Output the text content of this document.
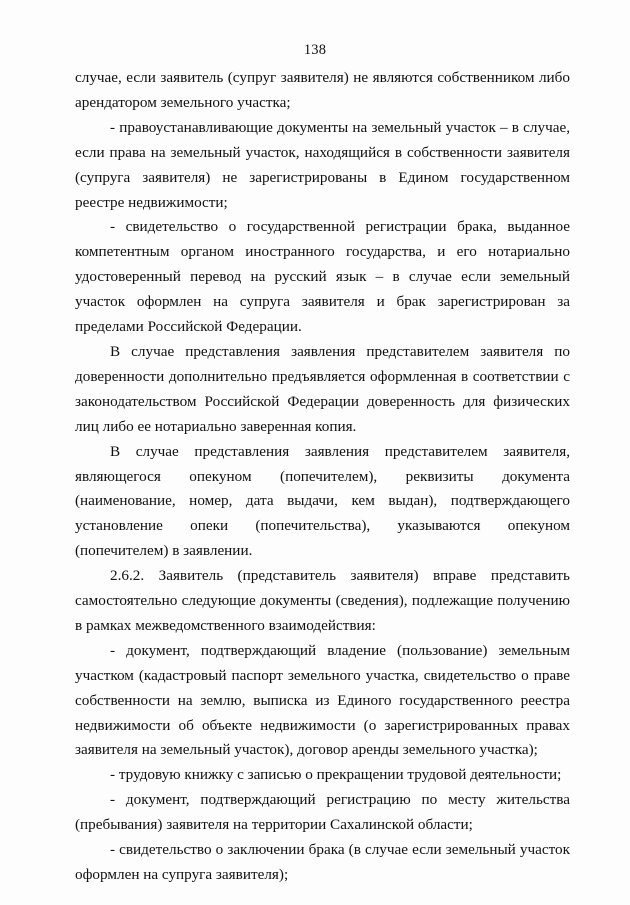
138

случае, если заявитель (супруг заявителя) не являются собственником либо арендатором земельного участка;

- правоустанавливающие документы на земельный участок – в случае, если права на земельный участок, находящийся в собственности заявителя (супруга заявителя) не зарегистрированы в Едином государственном реестре недвижимости;

- свидетельство о государственной регистрации брака, выданное компетентным органом иностранного государства, и его нотариально удостоверенный перевод на русский язык – в случае если земельный участок оформлен на супруга заявителя и брак зарегистрирован за пределами Российской Федерации.

В случае представления заявления представителем заявителя по доверенности дополнительно предъявляется оформленная в соответствии с законодательством Российской Федерации доверенность для физических лиц либо ее нотариально заверенная копия.

В случае представления заявления представителем заявителя, являющегося опекуном (попечителем), реквизиты документа (наименование, номер, дата выдачи, кем выдан), подтверждающего установление опеки (попечительства), указываются опекуном (попечителем) в заявлении.

2.6.2. Заявитель (представитель заявителя) вправе представить самостоятельно следующие документы (сведения), подлежащие получению в рамках межведомственного взаимодействия:

- документ, подтверждающий владение (пользование) земельным участком (кадастровый паспорт земельного участка, свидетельство о праве собственности на землю, выписка из Единого государственного реестра недвижимости об объекте недвижимости (о зарегистрированных правах заявителя на земельный участок), договор аренды земельного участка);

- трудовую книжку с записью о прекращении трудовой деятельности;

- документ, подтверждающий регистрацию по месту жительства (пребывания) заявителя на территории Сахалинской области;

- свидетельство о заключении брака (в случае если земельный участок оформлен на супруга заявителя);
